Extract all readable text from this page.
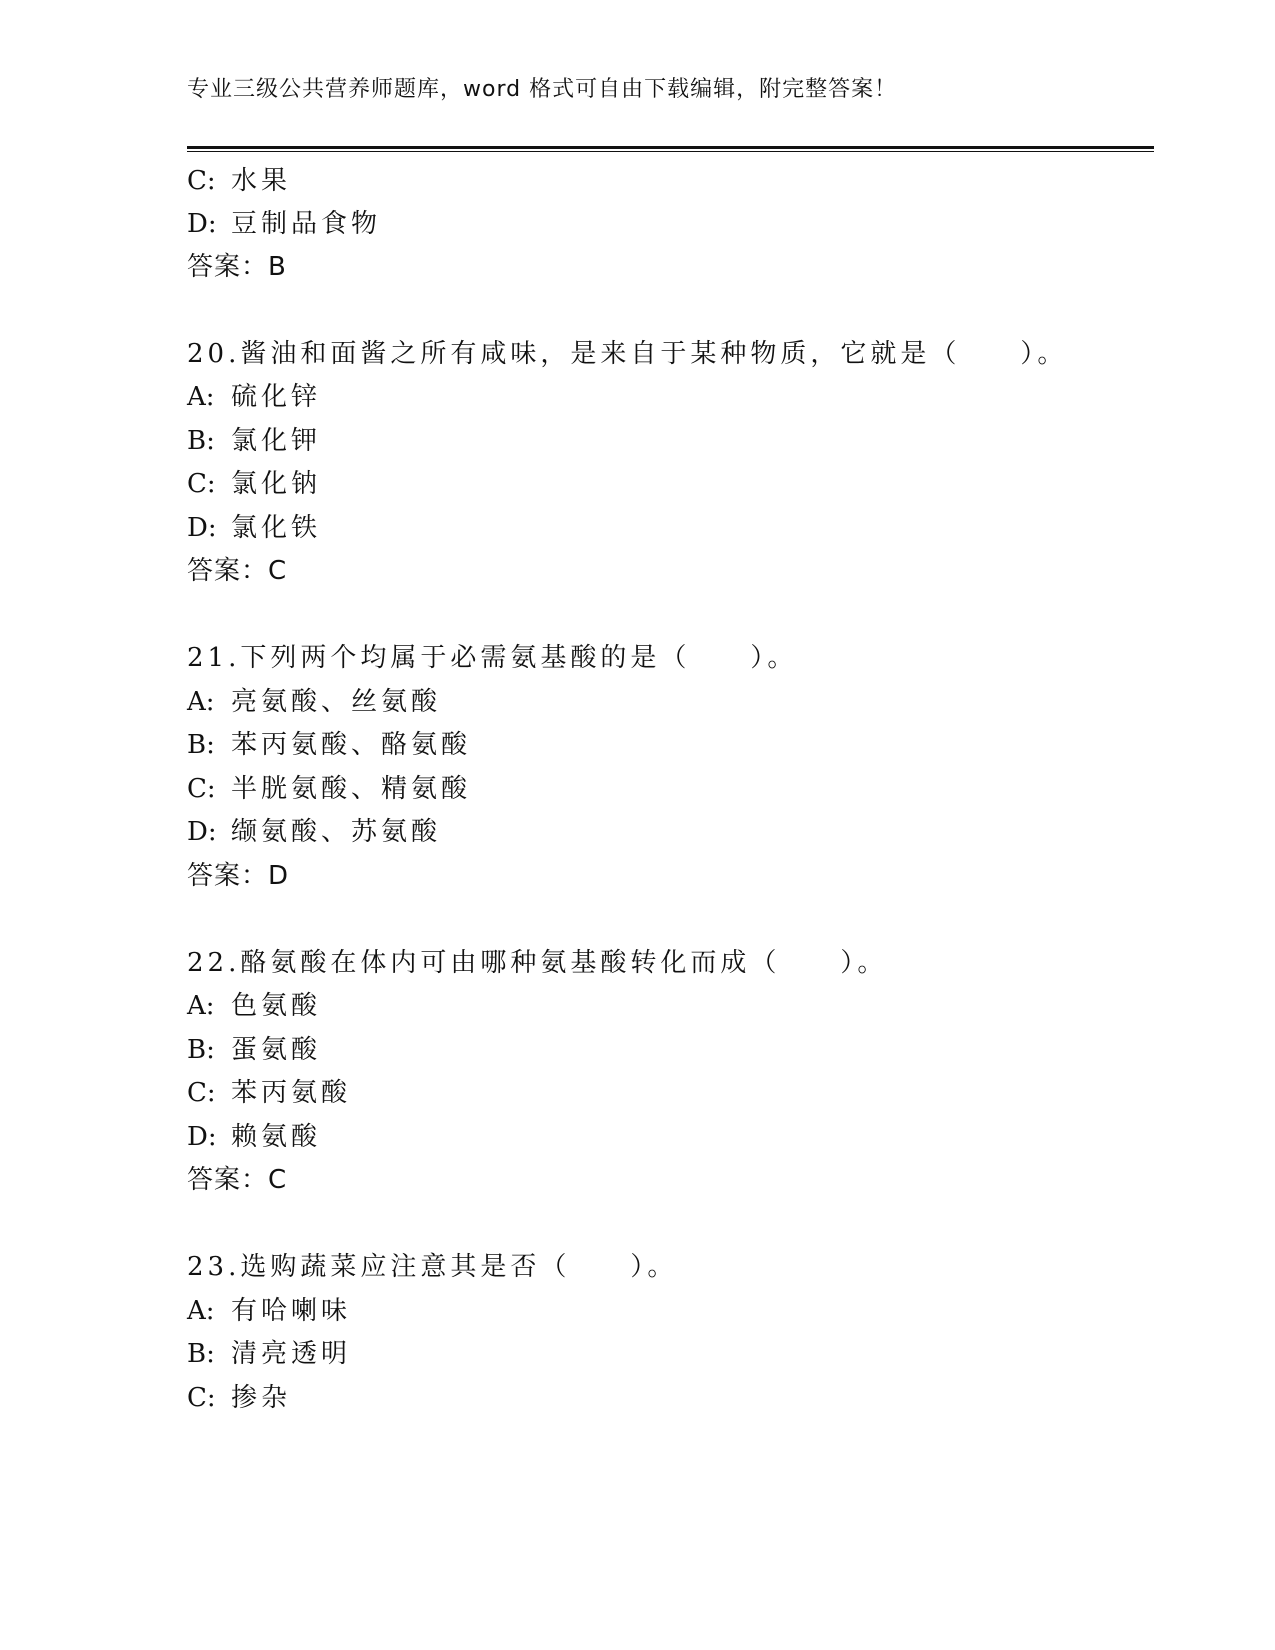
专业三级公共营养师题库，word 格式可自由下载编辑，附完整答案！
C: 水果
D: 豆制品食物
答案：B
20.酱油和面酱之所有咸味，是来自于某种物质，它就是（　　）。
A: 硫化锌
B: 氯化钾
C: 氯化钠
D: 氯化铁
答案：C
21.下列两个均属于必需氨基酸的是（　　）。
A: 亮氨酸、丝氨酸
B: 苯丙氨酸、酪氨酸
C: 半胱氨酸、精氨酸
D: 缬氨酸、苏氨酸
答案：D
22.酪氨酸在体内可由哪种氨基酸转化而成（　　）。
A: 色氨酸
B: 蛋氨酸
C: 苯丙氨酸
D: 赖氨酸
答案：C
23.选购蔬菜应注意其是否（　　）。
A: 有哈喇味
B: 清亮透明
C: 掺杂
